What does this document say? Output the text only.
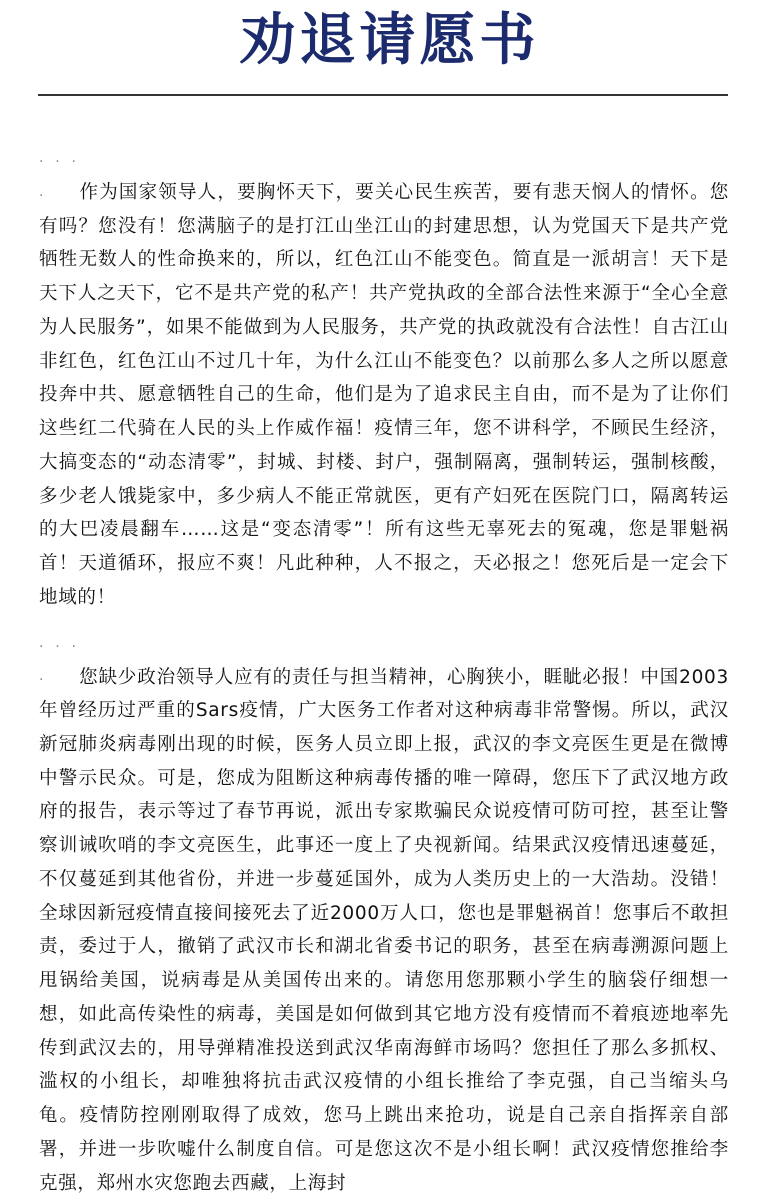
劝退请愿书

. . . . 作为国家领导人，要胸怀天下，要关心民生疾苦，要有悲天悯人的情怀。您有吗？您没有！您满脑子的是打江山坐江山的封建思想，认为党国天下是共产党牺牲无数人的性命换来的，所以，红色江山不能变色。简直是一派胡言！天下是天下人之天下，它不是共产党的私产！共产党执政的全部合法性来源于“全心全意为人民服务”，如果不能做到为人民服务，共产党的执政就没有合法性！自古江山非红色，红色江山不过几十年，为什么江山不能变色？以前那么多人之所以愿意投奔中共、愿意牺牲自己的生命，他们是为了追求民主自由，而不是为了让你们这些红二代骑在人民的头上作威作福！疫情三年，您不讲科学，不顾民生经济，大搞变态的“动态清零”，封城、封楼、封户，强制隔离，强制转运，强制核酸，多少老人饿毙家中，多少病人不能正常就医，更有产妇死在医院门口，隔离转运的大巴凌晨翻车……这是“变态清零”！所有这些无辜死去的冤魂，您是罪魁祸首！天道循环，报应不爽！凡此种种，人不报之，天必报之！您死后是一定会下地域的！

. . . . 您缺少政治领导人应有的责任与担当精神，心胸狭小，睚眦必报！中国2003年曾经历过严重的Sars疫情，广大医务工作者对这种病毒非常警惕。所以，武汉新冠肺炎病毒刚出现的时候，医务人员立即上报，武汉的李文亮医生更是在微博中警示民众。可是，您成为阻断这种病毒传播的唯一障碍，您压下了武汉地方政府的报告，表示等过了春节再说，派出专家欺骗民众说疫情可防可控，甚至让警察训诫吹哨的李文亮医生，此事还一度上了央视新闻。结果武汉疫情迅速蔓延，不仅蔓延到其他省份，并进一步蔓延国外，成为人类历史上的一大浩劫。没错！全球因新冠疫情直接间接死去了近2000万人口，您也是罪魁祸首！您事后不敢担责，委过于人，撤销了武汉市长和湖北省委书记的职务，甚至在病毒溯源问题上甩锅给美国，说病毒是从美国传出来的。请您用您那颗小学生的脑袋仔细想一想，如此高传染性的病毒，美国是如何做到其它地方没有疫情而不着痕迹地率先传到武汉去的，用导弹精准投送到武汉华南海鲜市场吗？您担任了那么多抓权、滥权的小组长，却唯独将抗击武汉疫情的小组长推给了李克强，自己当缩头乌龟。疫情防控刚刚取得了成效，您马上跳出来抢功，说是自己亲自指挥亲自部署，并进一步吹嘘什么制度自信。可是您这次不是小组长啊！武汉疫情您推给李克强，郑州水灾您跑去西藏，上海封
